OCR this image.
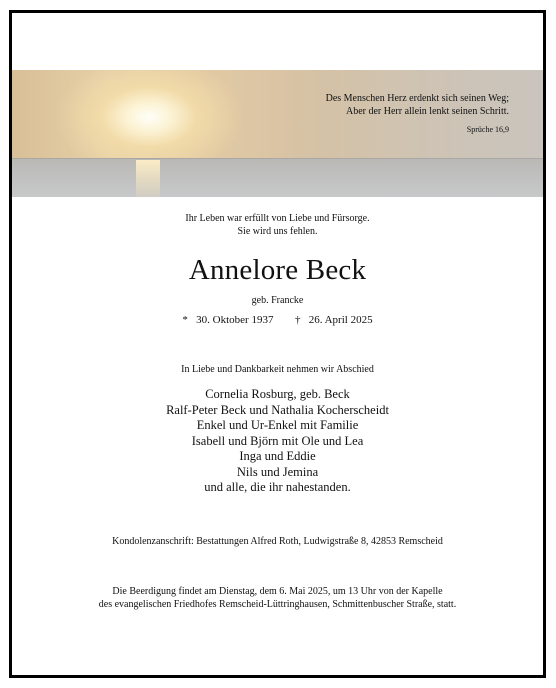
Des Menschen Herz erdenkt sich seinen Weg;
Aber der Herr allein lenkt seinen Schritt.
Sprüche 16,9
Ihr Leben war erfüllt von Liebe und Fürsorge.
Sie wird uns fehlen.
Annelore Beck
geb. Francke
* 30. Oktober 1937 † 26. April 2025
In Liebe und Dankbarkeit nehmen wir Abschied
Cornelia Rosburg, geb. Beck
Ralf-Peter Beck und Nathalia Kocherscheidt
Enkel und Ur-Enkel mit Familie
Isabell und Björn mit Ole und Lea
Inga und Eddie
Nils und Jemina
und alle, die ihr nahestanden.
Kondolenzanschrift: Bestattungen Alfred Roth, Ludwigstraße 8, 42853 Remscheid
Die Beerdigung findet am Dienstag, dem 6. Mai 2025, um 13 Uhr von der Kapelle
des evangelischen Friedhofes Remscheid-Lüttringhausen, Schmittenbuscher Straße, statt.
